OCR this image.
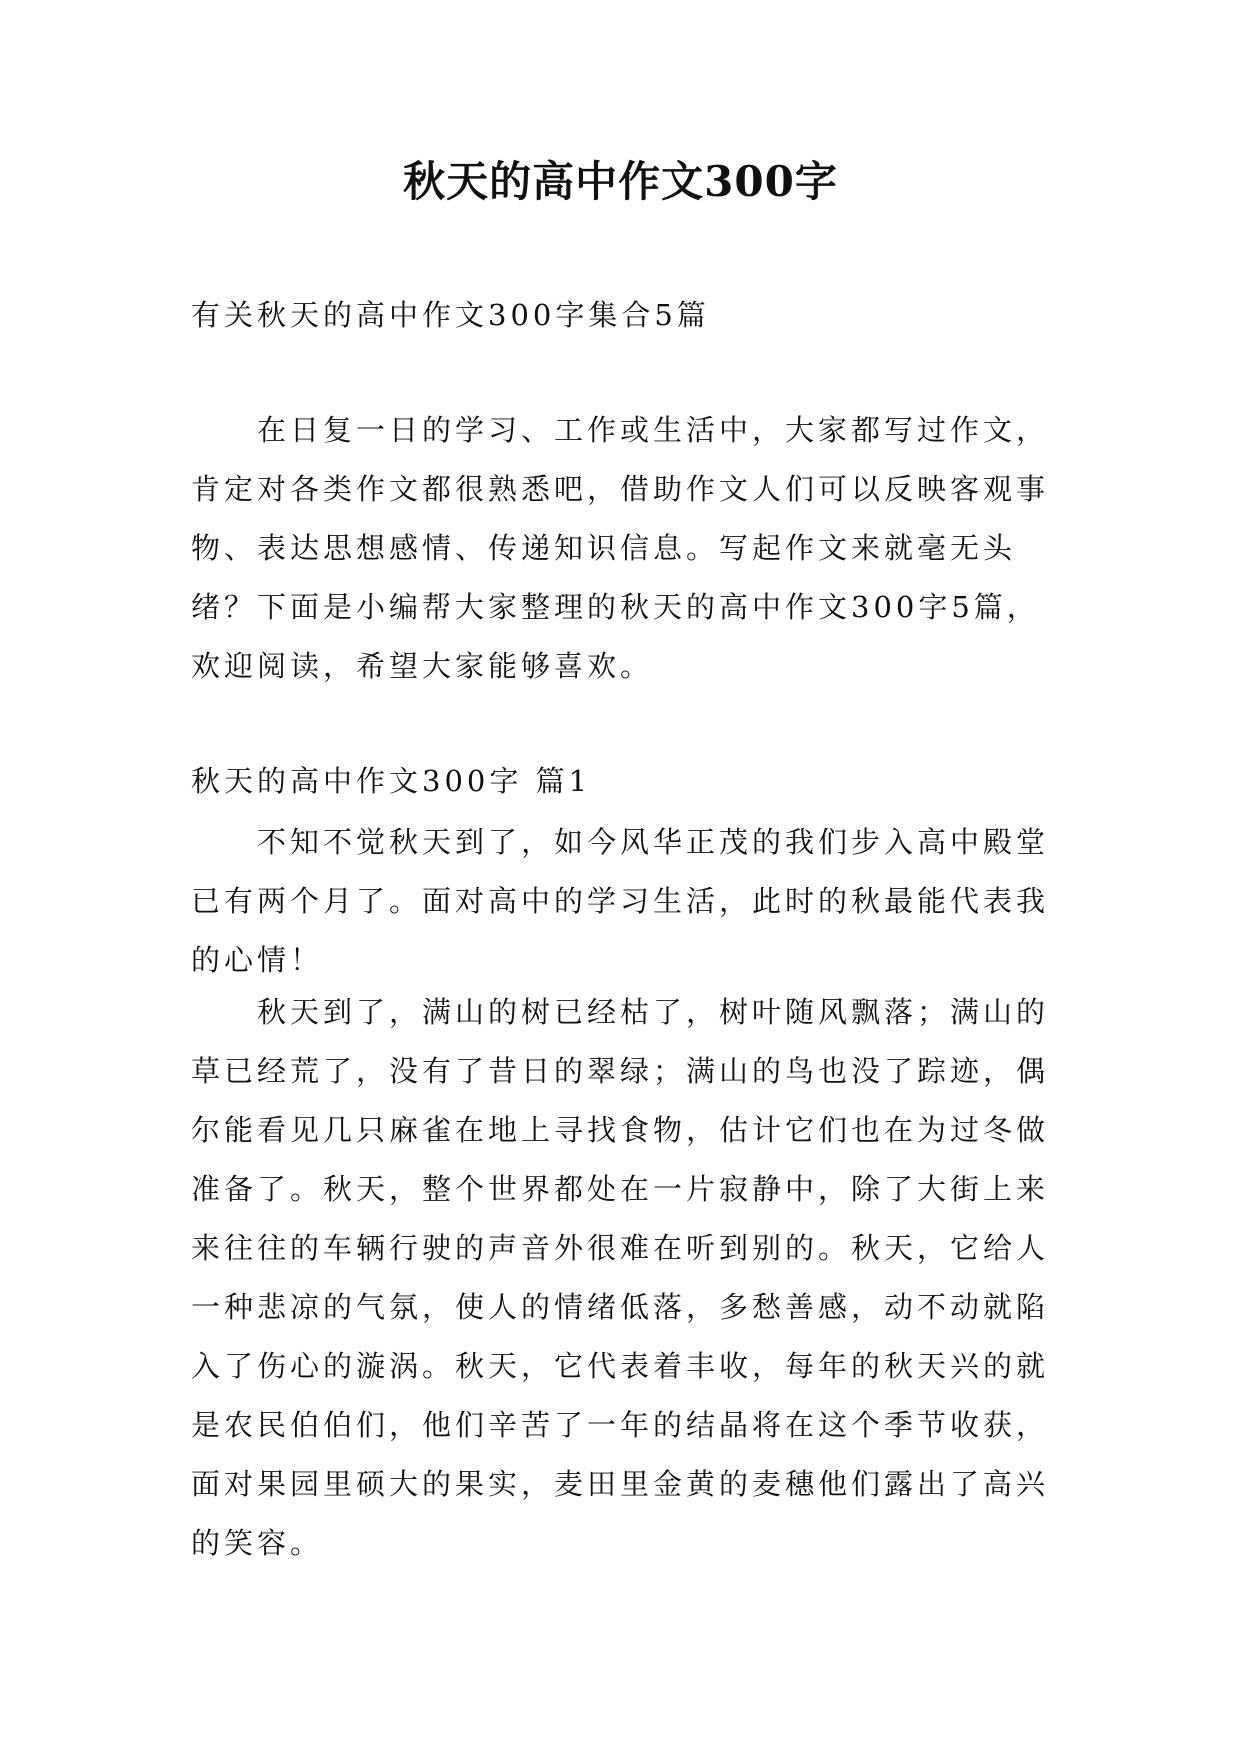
秋天的高中作文300字

有关秋天的高中作文300字集合5篇

在日复一日的学习、工作或生活中，大家都写过作文，肯定对各类作文都很熟悉吧，借助作文人们可以反映客观事物、表达思想感情、传递知识信息。写起作文来就毫无头绪？下面是小编帮大家整理的秋天的高中作文300字5篇，欢迎阅读，希望大家能够喜欢。

秋天的高中作文300字 篇1

不知不觉秋天到了，如今风华正茂的我们步入高中殿堂已有两个月了。面对高中的学习生活，此时的秋最能代表我的心情！

秋天到了，满山的树已经枯了，树叶随风飘落；满山的草已经荒了，没有了昔日的翠绿；满山的鸟也没了踪迹，偶尔能看见几只麻雀在地上寻找食物，估计它们也在为过冬做准备了。秋天，整个世界都处在一片寂静中，除了大街上来来往往的车辆行驶的声音外很难在听到别的。秋天，它给人一种悲凉的气氛，使人的情绪低落，多愁善感，动不动就陷入了伤心的漩涡。秋天，它代表着丰收，每年的秋天兴的就是农民伯伯们，他们辛苦了一年的结晶将在这个季节收获，面对果园里硕大的果实，麦田里金黄的麦穗他们露出了高兴的笑容。
